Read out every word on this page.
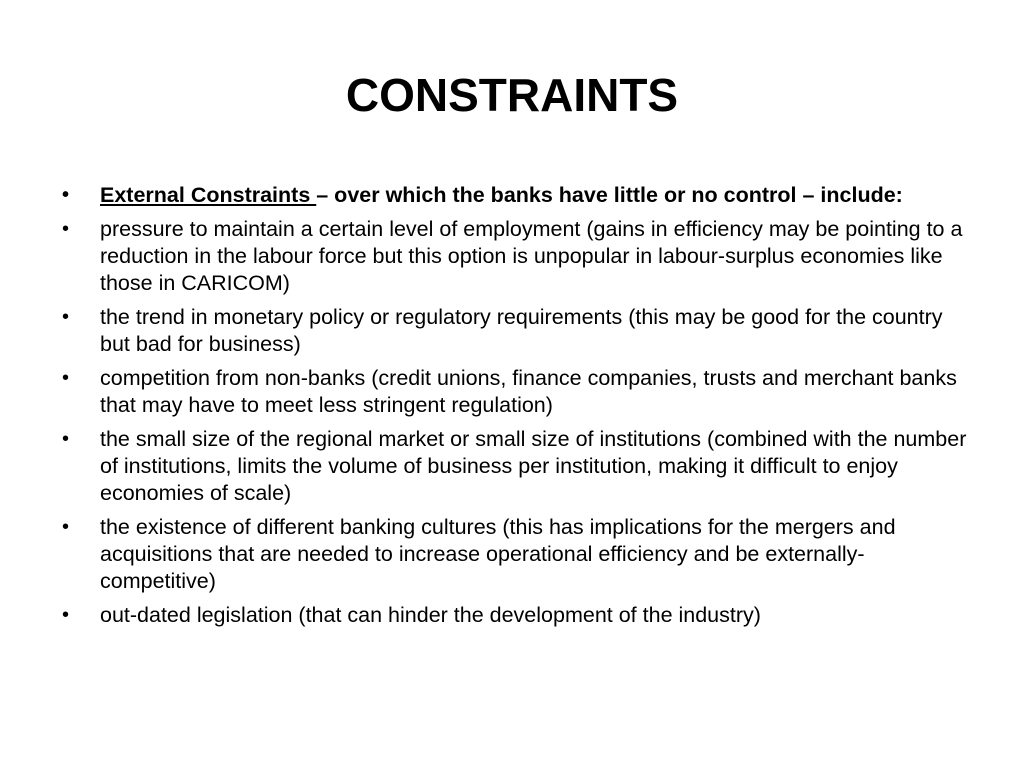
CONSTRAINTS
•	External Constraints – over which the banks have little or no control – include:
•	pressure to maintain a certain level of employment (gains in efficiency may be pointing to a reduction in the labour force but this option is unpopular in labour-surplus economies like those in CARICOM)
•	the trend in monetary policy or regulatory requirements (this may be good for the country but bad for business)
•	competition from non-banks (credit unions, finance companies, trusts and merchant banks that may have to meet less stringent regulation)
•	the small size of the regional market or small size of institutions (combined with the number of institutions, limits the volume of business per institution, making it difficult to enjoy economies of scale)
•	the existence of different banking cultures (this has implications for the mergers and acquisitions that are needed to increase operational efficiency and be externally- competitive)
•	out-dated legislation (that can hinder the development of the industry)
